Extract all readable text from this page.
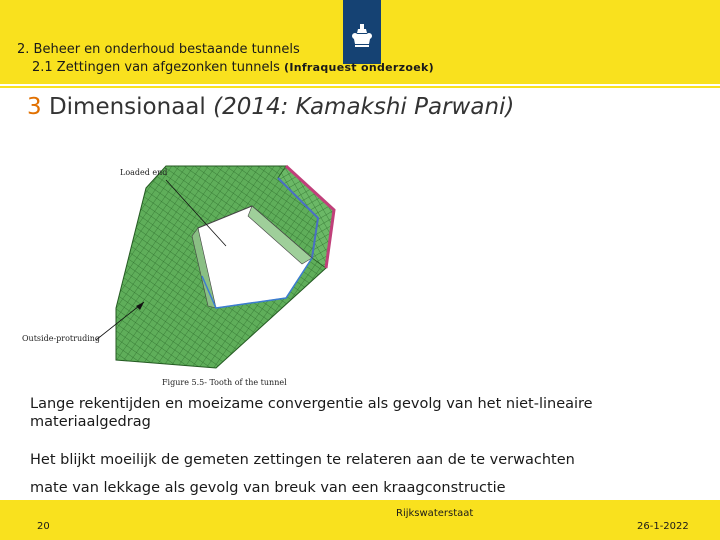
2. Beheer en onderhoud bestaande tunnels
2.1 Zettingen van afgezonken tunnels (Infraquest onderzoek)
3 Dimensionaal (2014: Kamakshi Parwani)
Loaded end
Outside-protruding
Figure 5.5- Tooth of the tunnel
Lange rekentijden en moeizame convergentie als gevolg van het niet-lineaire materiaalgedrag
Het blijkt moeilijk de gemeten zettingen te relateren aan de te verwachten
mate van lekkage als gevolg van breuk van een kraagconstructie
20
Rijkswaterstaat
26-1-2022
